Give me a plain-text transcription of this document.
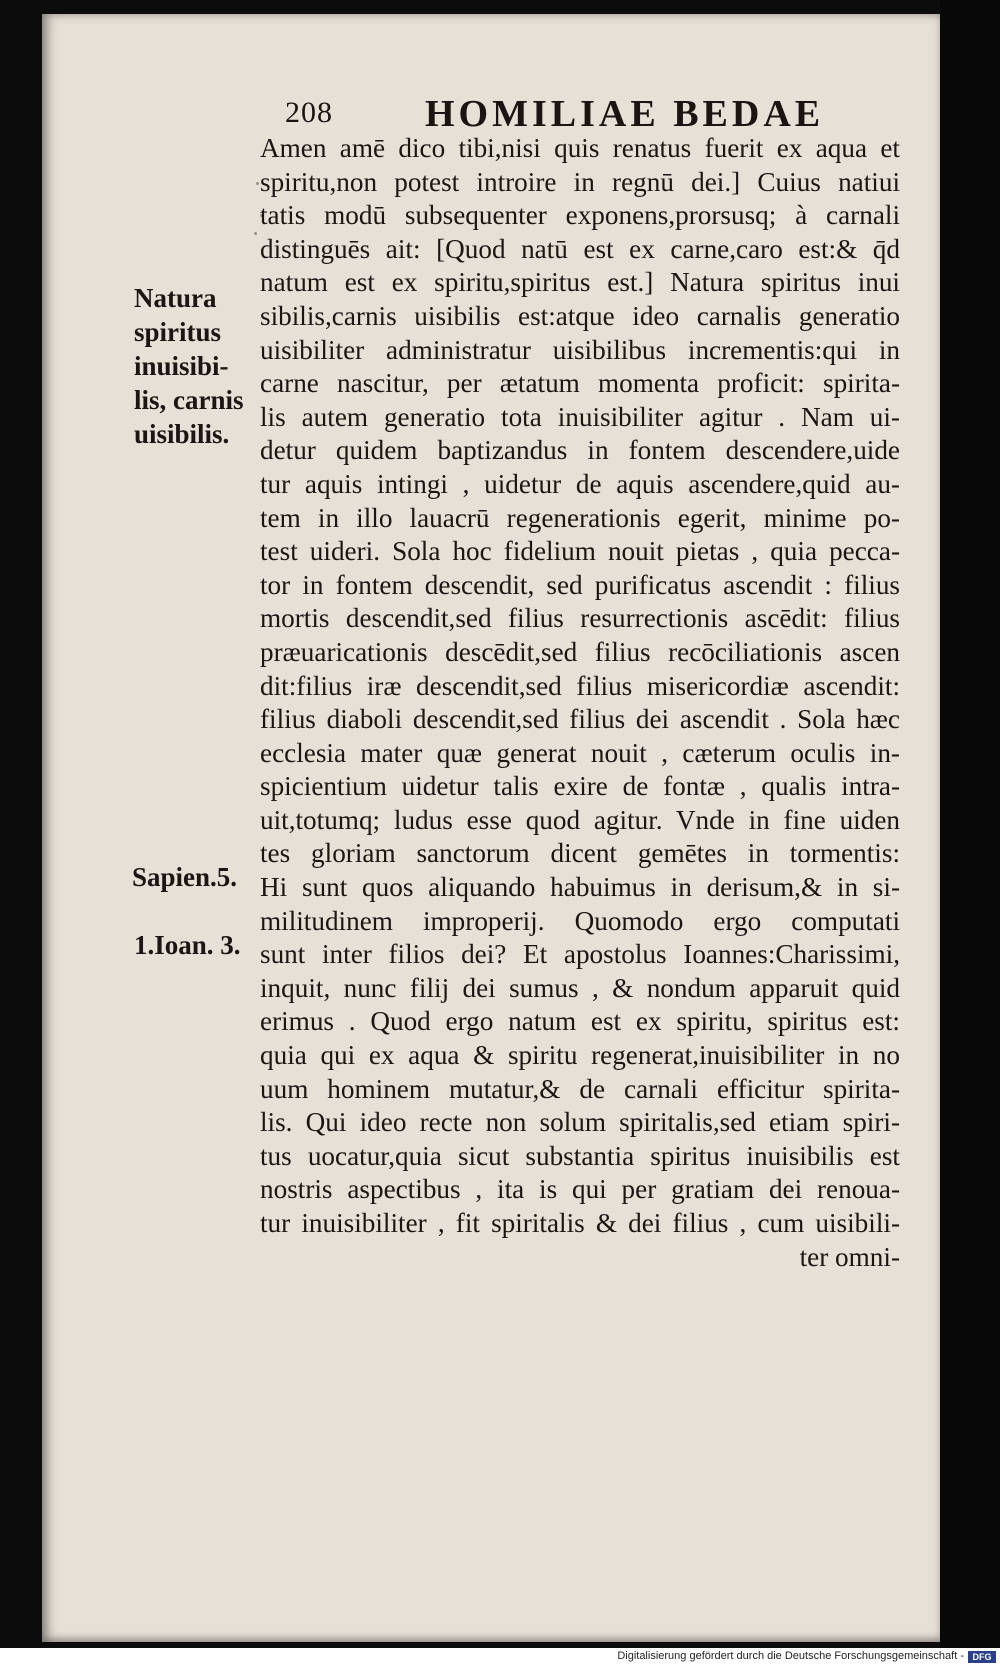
208 HOMILIAE BEDAE
Natura
spiritus
inuisibi-
lis, carnis
uisibilis.
Sapien.5.
1.Ioan. 3.
Amen amē dico tibi,nisi quis renatus fuerit ex aqua et
spiritu,non potest introire in regnū dei.] Cuius natiui
tatis modū subsequenter exponens,prorsusq; à carnali
distinguēs ait: [Quod natū est ex carne,caro est:& q̄d
natum est ex spiritu,spiritus est.] Natura spiritus inui
sibilis,carnis uisibilis est:atque ideo carnalis generatio
uisibiliter administratur uisibilibus incrementis:qui in
carne nascitur, per ætatum momenta proficit: spirita-
lis autem generatio tota inuisibiliter agitur . Nam ui-
detur quidem baptizandus in fontem descendere,uide
tur aquis intingi , uidetur de aquis ascendere,quid au-
tem in illo lauacrū regenerationis egerit, minime po-
test uideri. Sola hoc fidelium nouit pietas , quia pecca-
tor in fontem descendit, sed purificatus ascendit : filius
mortis descendit,sed filius resurrectionis ascēdit: filius
præuaricationis descēdit,sed filius recōciliationis ascen
dit:filius iræ descendit,sed filius misericordiæ ascendit:
filius diaboli descendit,sed filius dei ascendit . Sola hæc
ecclesia mater quæ generat nouit , cæterum oculis in-
spicientium uidetur talis exire de fontæ , qualis intra-
uit,totumq; ludus esse quod agitur. Vnde in fine uiden
tes gloriam sanctorum dicent gemētes in tormentis:
Hi sunt quos aliquando habuimus in derisum,& in si-
militudinem improperij. Quomodo ergo computati
sunt inter filios dei? Et apostolus Ioannes:Charissimi,
inquit, nunc filij dei sumus , & nondum apparuit quid
erimus . Quod ergo natum est ex spiritu, spiritus est:
quia qui ex aqua & spiritu regenerat,inuisibiliter in no
uum hominem mutatur,& de carnali efficitur spirita-
lis. Qui ideo recte non solum spiritalis,sed etiam spiri-
tus uocatur,quia sicut substantia spiritus inuisibilis est
nostris aspectibus , ita is qui per gratiam dei renoua-
tur inuisibiliter , fit spiritalis & dei filius , cum uisibili-
ter omni-
Digitalisierung gefördert durch die Deutsche Forschungsgemeinschaft - DFG
